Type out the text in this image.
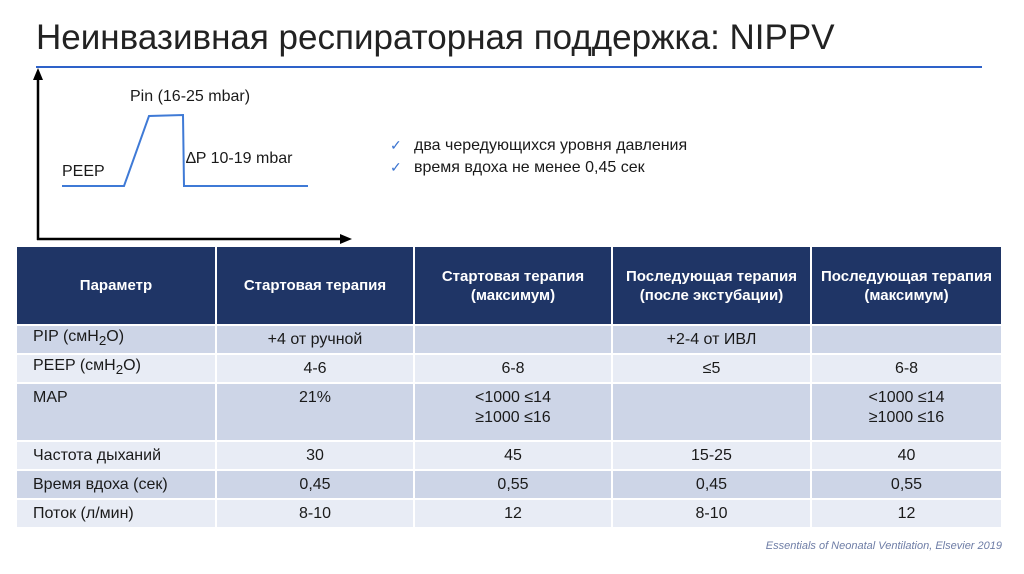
Неинвазивная респираторная поддержка: NIPPV
Pin (16-25 mbar)
PEEP
∆P 10-19 mbar
✓ два чередующихся уровня давления
✓ время вдоха не менее 0,45 сек
Параметр	Стартовая терапия	Стартовая терапия (максимум)	Последующая терапия (после экстубации)	Последующая терапия (максимум)
PIP (смH$_2$O)	+4 от ручной		+2-4 от ИВЛ	
PEEP (смH$_2$O)	4-6	6-8	≤5	6-8
MAP	21%	<1000 ≤14
≥1000 ≤16		<1000 ≤14
≥1000 ≤16

Частота дыханий	30	45	15-25	40
Время вдоха (сек)	0,45	0,55	0,45	0,55
Поток (л/мин)	8-10	12	8-10	12
Essentials of Neonatal Ventilation, Elsevier 2019
